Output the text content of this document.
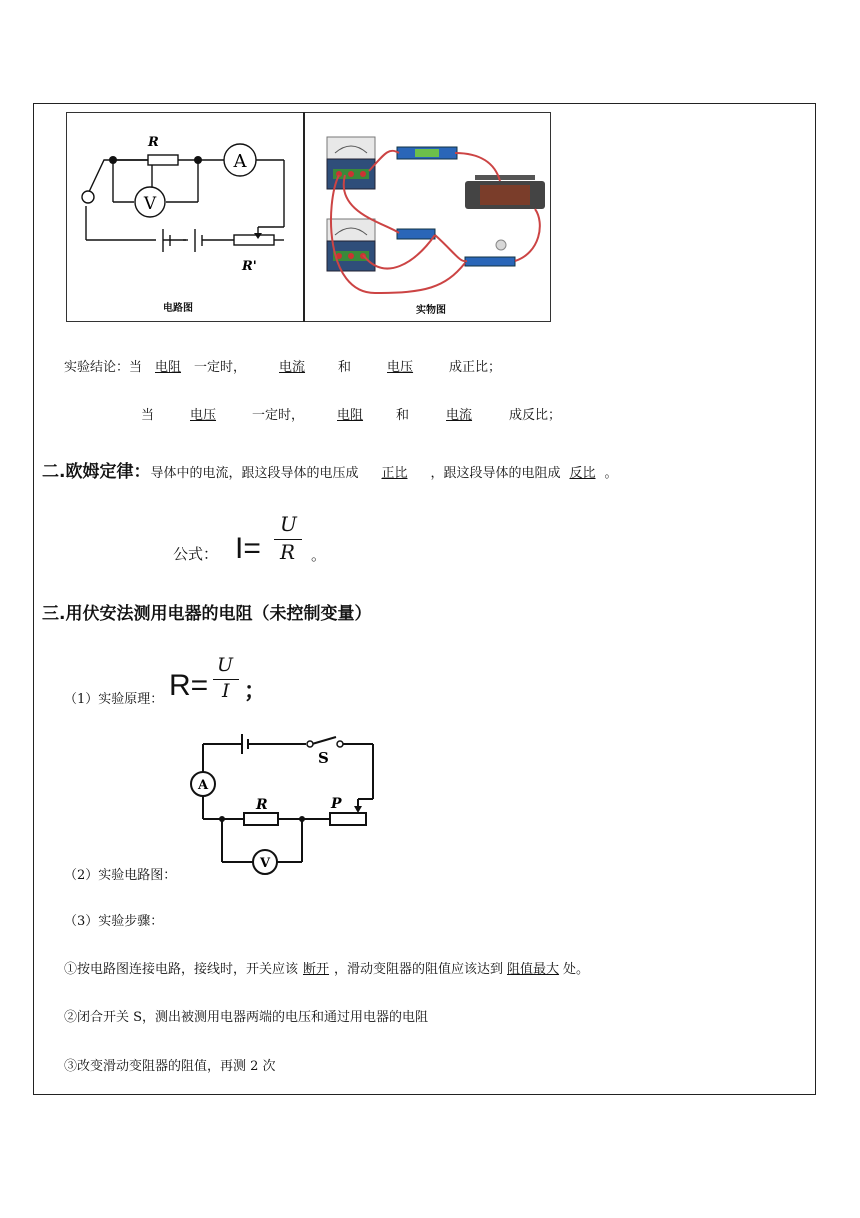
R
A
V
R'
电路图	实物图
实验结论：当 电阻 一定时，	电流	和	电压	成正比；
当	电压	一定时，	电阻	和	电流	成反比；
二.欧姆定律：导体中的电流，跟这段导体的电压成 正比 ，跟这段导体的电阻成 反比 。
公式： I=
U
R 。
三.用伏安法测用电器的电阻（未控制变量）
（1）实验原理： R=
U
I ；
S
R	P
A
V
（2）实验电路图：
（3）实验步骤：
①按电路图连接电路，接线时，开关应该 断开 ，滑动变阻器的阻值应该达到 阻值最大 处。
②闭合开关 S，测出被测用电器两端的电压和通过用电器的电阻
③改变滑动变阻器的阻值，再测 2 次
